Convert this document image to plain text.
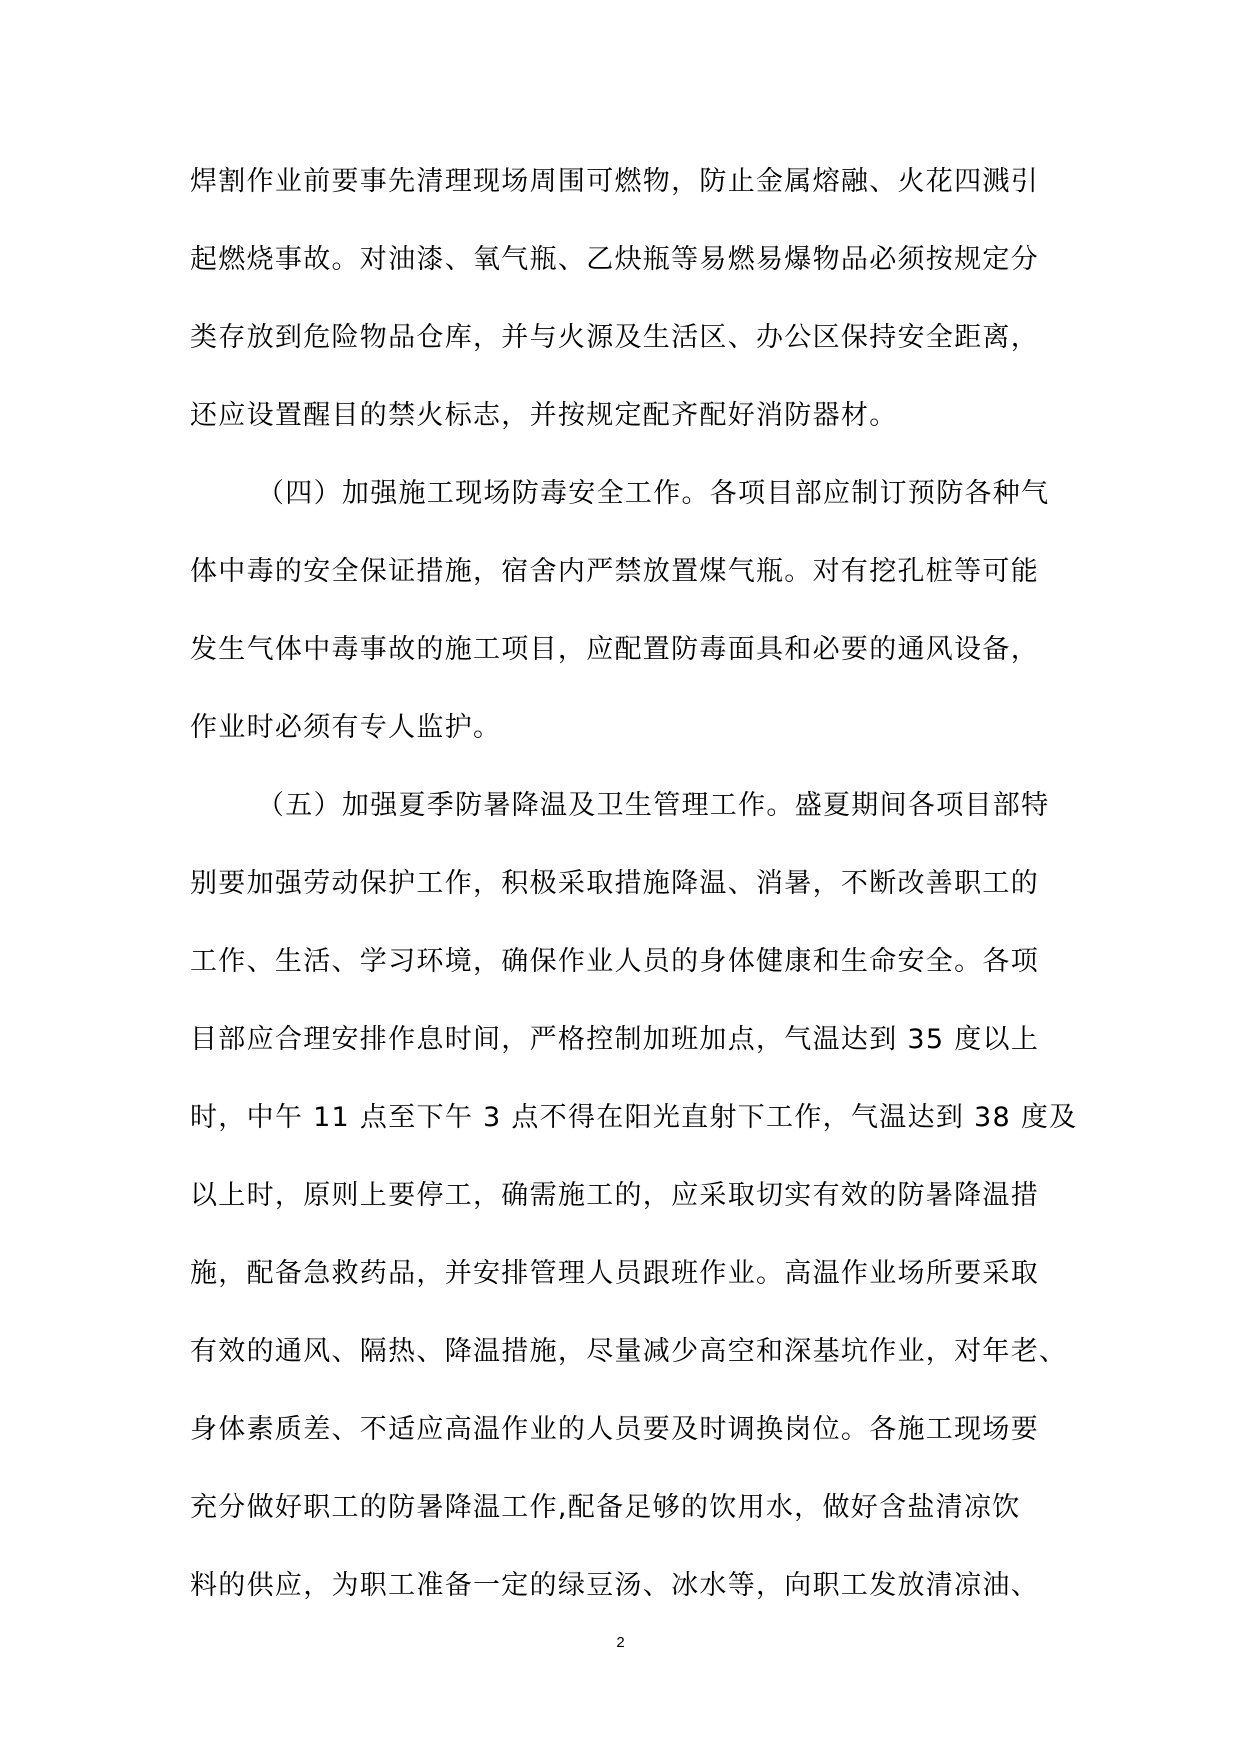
焊割作业前要事先清理现场周围可燃物，防止金属熔融、火花四溅引
起燃烧事故。对油漆、氧气瓶、乙炔瓶等易燃易爆物品必须按规定分
类存放到危险物品仓库，并与火源及生活区、办公区保持安全距离，
还应设置醒目的禁火标志，并按规定配齐配好消防器材。
（四）加强施工现场防毒安全工作。各项目部应制订预防各种气
体中毒的安全保证措施，宿舍内严禁放置煤气瓶。对有挖孔桩等可能
发生气体中毒事故的施工项目，应配置防毒面具和必要的通风设备，
作业时必须有专人监护。
（五）加强夏季防暑降温及卫生管理工作。盛夏期间各项目部特
别要加强劳动保护工作，积极采取措施降温、消暑，不断改善职工的
工作、生活、学习环境，确保作业人员的身体健康和生命安全。各项
目部应合理安排作息时间，严格控制加班加点，气温达到 35 度以上
时，中午 11 点至下午 3 点不得在阳光直射下工作，气温达到 38 度及
以上时，原则上要停工，确需施工的，应采取切实有效的防暑降温措
施，配备急救药品，并安排管理人员跟班作业。高温作业场所要采取
有效的通风、隔热、降温措施，尽量减少高空和深基坑作业，对年老、
身体素质差、不适应高温作业的人员要及时调换岗位。各施工现场要
充分做好职工的防暑降温工作,配备足够的饮用水，做好含盐清凉饮
料的供应，为职工准备一定的绿豆汤、冰水等，向职工发放清凉油、
2
